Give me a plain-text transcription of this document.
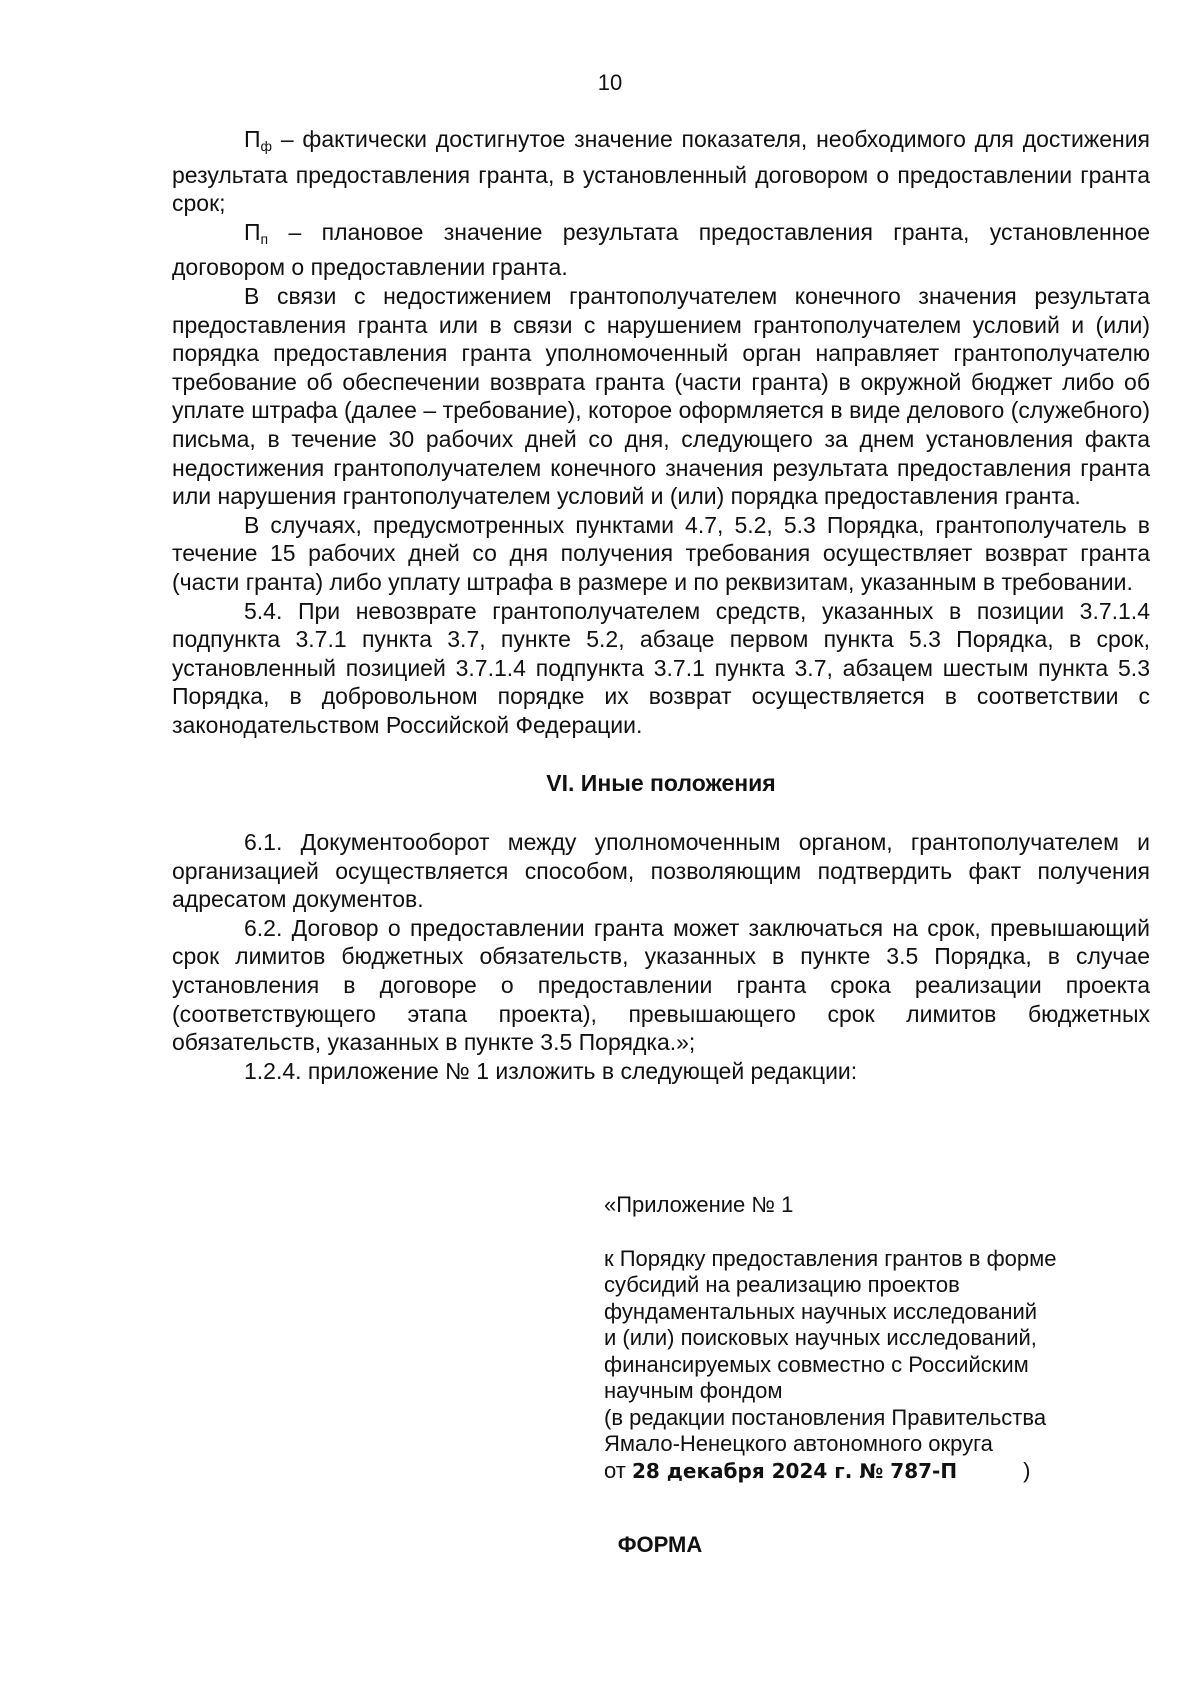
10

$П_ф$ – фактически достигнутое значение показателя, необходимого для достижения результата предоставления гранта, в установленный договором о предоставлении гранта срок;

$П_п$ – плановое значение результата предоставления гранта, установленное договором о предоставлении гранта.

В связи с недостижением грантополучателем конечного значения результата предоставления гранта или в связи с нарушением грантополучателем условий и (или) порядка предоставления гранта уполномоченный орган направляет грантополучателю требование об обеспечении возврата гранта (части гранта) в окружной бюджет либо об уплате штрафа (далее – требование), которое оформляется в виде делового (служебного) письма, в течение 30 рабочих дней со дня, следующего за днем установления факта недостижения грантополучателем конечного значения результата предоставления гранта или нарушения грантополучателем условий и (или) порядка предоставления гранта.

В случаях, предусмотренных пунктами 4.7, 5.2, 5.3 Порядка, грантополучатель в течение 15 рабочих дней со дня получения требования осуществляет возврат гранта (части гранта) либо уплату штрафа в размере и по реквизитам, указанным в требовании.

5.4. При невозврате грантополучателем средств, указанных в позиции 3.7.1.4 подпункта 3.7.1 пункта 3.7, пункте 5.2, абзаце первом пункта 5.3 Порядка, в срок, установленный позицией 3.7.1.4 подпункта 3.7.1 пункта 3.7, абзацем шестым пункта 5.3 Порядка, в добровольном порядке их возврат осуществляется в соответствии с законодательством Российской Федерации.

VI. Иные положения

6.1. Документооборот между уполномоченным органом, грантополучателем и организацией осуществляется способом, позволяющим подтвердить факт получения адресатом документов.

6.2. Договор о предоставлении гранта может заключаться на срок, превышающий срок лимитов бюджетных обязательств, указанных в пункте 3.5 Порядка, в случае установления в договоре о предоставлении гранта срока реализации проекта (соответствующего этапа проекта), превышающего срок лимитов бюджетных обязательств, указанных в пункте 3.5 Порядка.»;

1.2.4. приложение № 1 изложить в следующей редакции:

«Приложение № 1

к Порядку предоставления грантов в форме

субсидий на реализацию проектов

фундаментальных научных исследований

и (или) поисковых научных исследований,

финансируемых совместно с Российским

научным фондом

(в редакции постановления Правительства

Ямало-Ненецкого автономного округа

от 28 декабря 2024 г. № 787-П	)

ФОРМА
